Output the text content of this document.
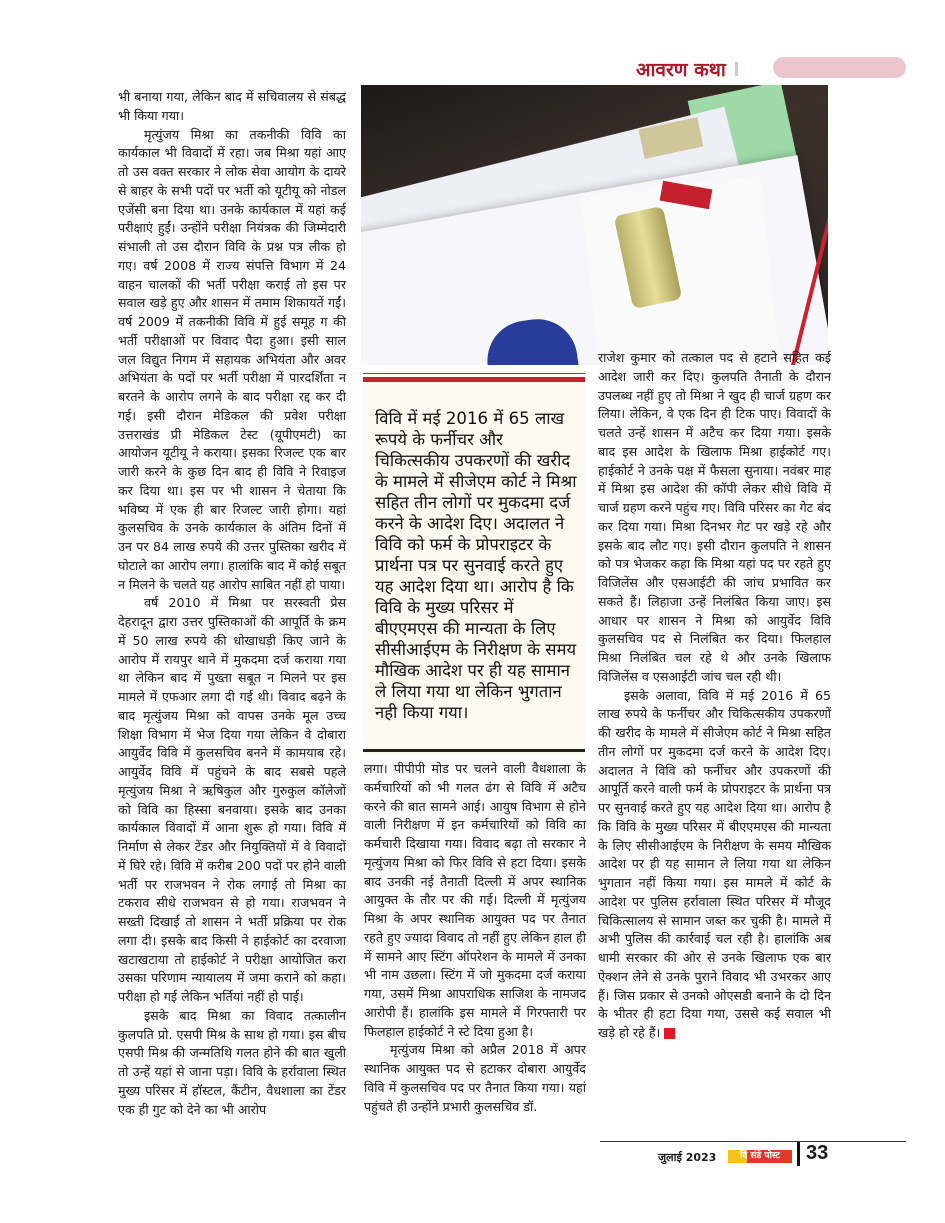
आवरण कथा

भी बनाया गया, लेकिन बाद में सचिवालय से संबद्ध भी किया गया।

मृत्युंजय मिश्रा का तकनीकी विवि का कार्यकाल भी विवादों में रहा। जब मिश्रा यहां आए तो उस वक्त सरकार ने लोक सेवा आयोग के दायरे से बाहर के सभी पदों पर भर्ती को यूटीयू को नोडल एजेंसी बना दिया था। उनके कार्यकाल में यहां कई परीक्षाएं हुईं। उन्होंने परीक्षा नियंत्रक की जिम्मेदारी संभाली तो उस दौरान विवि के प्रश्न पत्र लीक हो गए। वर्ष 2008 में राज्य संपत्ति विभाग में 24 वाहन चालकों की भर्ती परीक्षा कराई तो इस पर सवाल खड़े हुए और शासन में तमाम शिकायतें गईं। वर्ष 2009 में तकनीकी विवि में हुई समूह ग की भर्ती परीक्षाओं पर विवाद पैदा हुआ। इसी साल जल विद्युत निगम में सहायक अभियंता और अवर अभियंता के पदों पर भर्ती परीक्षा में पारदर्शिता न बरतने के आरोप लगने के बाद परीक्षा रद्द कर दी गई। इसी दौरान मेडिकल की प्रवेश परीक्षा उत्तराखंड प्री मेडिकल टेस्ट (यूपीएमटी) का आयोजन यूटीयू ने कराया। इसका रिजल्ट एक बार जारी करने के कुछ दिन बाद ही विवि ने रिवाइज कर दिया था। इस पर भी शासन ने चेताया कि भविष्य में एक ही बार रिजल्ट जारी होगा। यहां कुलसचिव के उनके कार्यकाल के अंतिम दिनों में उन पर 84 लाख रुपये की उत्तर पुस्तिका खरीद में घोटाले का आरोप लगा। हालांकि बाद में कोई सबूत न मिलने के चलते यह आरोप साबित नहीं हो पाया।

वर्ष 2010 में मिश्रा पर सरस्वती प्रेस देहरादून द्वारा उत्तर पुस्तिकाओं की आपूर्ति के क्रम में 50 लाख रुपये की धोखाधड़ी किए जाने के आरोप में रायपुर थाने में मुकदमा दर्ज कराया गया था लेकिन बाद में पुख्ता सबूत न मिलने पर इस मामले में एफआर लगा दी गई थी। विवाद बढ़ने के बाद मृत्युंजय मिश्रा को वापस उनके मूल उच्च शिक्षा विभाग में भेज दिया गया लेकिन वे दोबारा आयुर्वेद विवि में कुलसचिव बनने में कामयाब रहे। आयुर्वेद विवि में पहुंचने के बाद सबसे पहले मृत्युंजय मिश्रा ने ऋषिकुल और गुरुकुल कॉलेजों को विवि का हिस्सा बनवाया। इसके बाद उनका कार्यकाल विवादों में आना शुरू हो गया। विवि में निर्माण से लेकर टेंडर और नियुक्तियों में वे विवादों में घिरे रहे। विवि में करीब 200 पदों पर होने वाली भर्ती पर राजभवन ने रोक लगाई तो मिश्रा का टकराव सीधे राजभवन से हो गया। राजभवन ने सख्ती दिखाई तो शासन ने भर्ती प्रक्रिया पर रोक लगा दी। इसके बाद किसी ने हाईकोर्ट का दरवाजा खटाखटाया तो हाईकोर्ट ने परीक्षा आयोजित करा उसका परिणाम न्यायालय में जमा कराने को कहा। परीक्षा हो गई लेकिन भर्तियां नहीं हो पाई।

इसके बाद मिश्रा का विवाद तत्कालीन कुलपति प्रो. एसपी मिश्र के साथ हो गया। इस बीच एसपी मिश्र की जन्मतिथि गलत होने की बात खुली तो उन्हें यहां से जाना पड़ा। विवि के हर्रावाला स्थित मुख्य परिसर में हॉस्टल, कैंटीन, वैधशाला का टेंडर एक ही गुट को देने का भी आरोप

विवि में मई 2016 में 65 लाख रूपये के फर्नीचर और चिकित्सकीय उपकरणों की खरीद के मामले में सीजेएम कोर्ट ने मिश्रा सहित तीन लोगों पर मुकदमा दर्ज करने के आदेश दिए। अदालत ने विवि को फर्म के प्रोपराइटर के प्रार्थना पत्र पर सुनवाई करते हुए यह आदेश दिया था। आरोप है कि विवि के मुख्य परिसर में बीएएमएस की मान्यता के लिए सीसीआईएम के निरीक्षण के समय मौखिक आदेश पर ही यह सामान ले लिया गया था लेकिन भुगतान नही किया गया।

लगा। पीपीपी मोड पर चलने वाली वैधशाला के कर्मचारियों को भी गलत ढंग से विवि में अटैच करने की बात सामने आई। आयुष विभाग से होने वाली निरीक्षण में इन कर्मचारियों को विवि का कर्मचारी दिखाया गया। विवाद बढ़ा तो सरकार ने मृत्युंजय मिश्रा को फिर विवि से हटा दिया। इसके बाद उनकी नई तैनाती दिल्ली में अपर स्थानिक आयुक्त के तौर पर की गई। दिल्ली में मृत्युंजय मिश्रा के अपर स्थानिक आयुक्त पद पर तैनात रहते हुए ज्यादा विवाद तो नहीं हुए लेकिन हाल ही में सामने आए स्टिंग ऑपरेशन के मामले में उनका भी नाम उछला। स्टिंग में जो मुकदमा दर्ज कराया गया, उसमें मिश्रा आपराधिक साजिश के नामजद आरोपी हैं। हालांकि इस मामले में गिरफ्तारी पर फिलहाल हाईकोर्ट ने स्टे दिया हुआ है।

मृत्युंजय मिश्रा को अप्रैल 2018 में अपर स्थानिक आयुक्त पद से हटाकर दोबारा आयुर्वेद विवि में कुलसचिव पद पर तैनात किया गया। यहां पहुंचते ही उन्होंने प्रभारी कुलसचिव डॉ.

राजेश कुमार को तत्काल पद से हटाने सहित कई आदेश जारी कर दिए। कुलपति तैनाती के दौरान उपलब्ध नहीं हुए तो मिश्रा ने खुद ही चार्ज ग्रहण कर लिया। लेकिन, वे एक दिन ही टिक पाए। विवादों के चलते उन्हें शासन में अटैच कर दिया गया। इसके बाद इस आदेश के खिलाफ मिश्रा हाईकोर्ट गए। हाईकोर्ट ने उनके पक्ष में फैसला सुनाया। नवंबर माह में मिश्रा इस आदेश की कॉपी लेकर सीधे विवि में चार्ज ग्रहण करने पहुंच गए। विवि परिसर का गेट बंद कर दिया गया। मिश्रा दिनभर गेट पर खड़े रहे और इसके बाद लौट गए। इसी दौरान कुलपति ने शासन को पत्र भेजकर कहा कि मिश्रा यहां पद पर रहते हुए विजिलेंस और एसआईटी की जांच प्रभावित कर सकते हैं। लिहाजा उन्हें निलंबित किया जाए। इस आधार पर शासन ने मिश्रा को आयुर्वेद विवि कुलसचिव पद से निलंबित कर दिया। फिलहाल मिश्रा निलंबित चल रहे थे और उनके खिलाफ विजिलेंस व एसआईटी जांच चल रही थी।

इसके अलावा, विवि में मई 2016 में 65 लाख रुपये के फर्नीचर और चिकित्सकीय उपकरणों की खरीद के मामले में सीजेएम कोर्ट ने मिश्रा सहित तीन लोगों पर मुकदमा दर्ज करने के आदेश दिए। अदालत ने विवि को फर्नीचर और उपकरणों की आपूर्ति करने वाली फर्म के प्रोपराइटर के प्रार्थना पत्र पर सुनवाई करते हुए यह आदेश दिया था। आरोप है कि विवि के मुख्य परिसर में बीएएमएस की मान्यता के लिए सीसीआईएम के निरीक्षण के समय मौखिक आदेश पर ही यह सामान ले लिया गया था लेकिन भुगतान नहीं किया गया। इस मामले में कोर्ट के आदेश पर पुलिस हर्रावाला स्थित परिसर में मौजूद चिकित्सालय से सामान जब्त कर चुकी है। मामले में अभी पुलिस की कार्रवाई चल रही है। हालांकि अब धामी सरकार की ओर से उनके खिलाफ एक बार ऐक्शन लेने से उनके पुराने विवाद भी उभरकर आए हैं। जिस प्रकार से उनको ओएसडी बनाने के दो दिन के भीतर ही हटा दिया गया, उससे कई सवाल भी खड़े हो रहे हैं।

जुलाई 2023	दि संडे पोस्ट	33
